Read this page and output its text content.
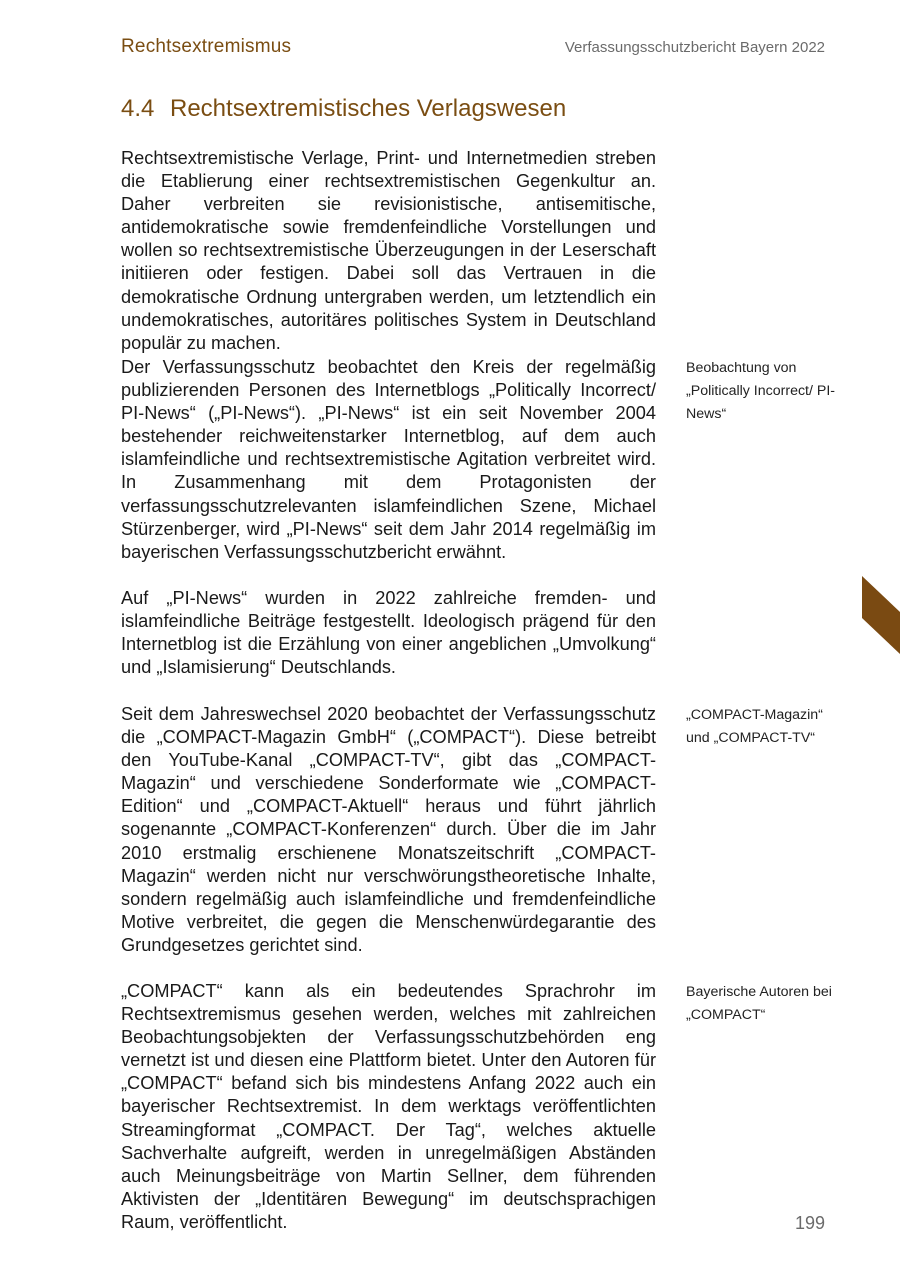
Rechtsextremismus	Verfassungsschutzbericht Bayern 2022
4.4 Rechtsextremistisches Verlagswesen

Rechtsextremistische Verlage, Print- und Internetmedien streben die Etablierung einer rechtsextremistischen Gegenkultur an. Daher verbreiten sie revisionistische, antisemitische, antidemokratische sowie fremdenfeindliche Vorstellungen und wollen so rechtsextremistische Überzeugungen in der Leserschaft initiieren oder festigen. Dabei soll das Vertrauen in die demokratische Ordnung untergraben werden, um letztendlich ein undemokratisches, autoritäres politisches System in Deutschland populär zu machen.

Der Verfassungsschutz beobachtet den Kreis der regelmäßig publizierenden Personen des Internetblogs „Politically Incorrect/ PI-News“ („PI-News“). „PI-News“ ist ein seit November 2004 bestehender reichweitenstarker Internetblog, auf dem auch islamfeindliche und rechtsextremistische Agitation verbreitet wird. In Zusammenhang mit dem Protagonisten der verfassungsschutzrelevanten islamfeindlichen Szene, Michael Stürzenberger, wird „PI-News“ seit dem Jahr 2014 regelmäßig im bayerischen Verfassungsschutzbericht erwähnt.

Auf „PI-News“ wurden in 2022 zahlreiche fremden- und islamfeindliche Beiträge festgestellt. Ideologisch prägend für den Internetblog ist die Erzählung von einer angeblichen „Umvolkung“ und „Islamisierung“ Deutschlands.

Seit dem Jahreswechsel 2020 beobachtet der Verfassungsschutz die „COMPACT-Magazin GmbH“ („COMPACT“). Diese betreibt den YouTube-Kanal „COMPACT-TV“, gibt das „COMPACT-Magazin“ und verschiedene Sonderformate wie „COMPACT-Edition“ und „COMPACT-Aktuell“ heraus und führt jährlich sogenannte „COMPACT-Konferenzen“ durch. Über die im Jahr 2010 erstmalig erschienene Monatszeitschrift „COMPACT-Magazin“ werden nicht nur verschwörungstheoretische Inhalte, sondern regelmäßig auch islamfeindliche und fremdenfeindliche Motive verbreitet, die gegen die Menschenwürdegarantie des Grundgesetzes gerichtet sind.

„COMPACT“ kann als ein bedeutendes Sprachrohr im Rechtsextremismus gesehen werden, welches mit zahlreichen Beobachtungsobjekten der Verfassungsschutzbehörden eng vernetzt ist und diesen eine Plattform bietet. Unter den Autoren für „COMPACT“ befand sich bis mindestens Anfang 2022 auch ein bayerischer Rechtsextremist. In dem werktags veröffentlichten Streamingformat „COMPACT. Der Tag“, welches aktuelle Sachverhalte aufgreift, werden in unregelmäßigen Abständen auch Meinungsbeiträge von Martin Sellner, dem führenden Aktivisten der „Identitären Bewegung“ im deutschsprachigen Raum, veröffentlicht.

Beobachtung von „Politically Incorrect/ PI-News“

„COMPACT-Magazin“ und „COMPACT-TV“

Bayerische Autoren bei „COMPACT“

199
